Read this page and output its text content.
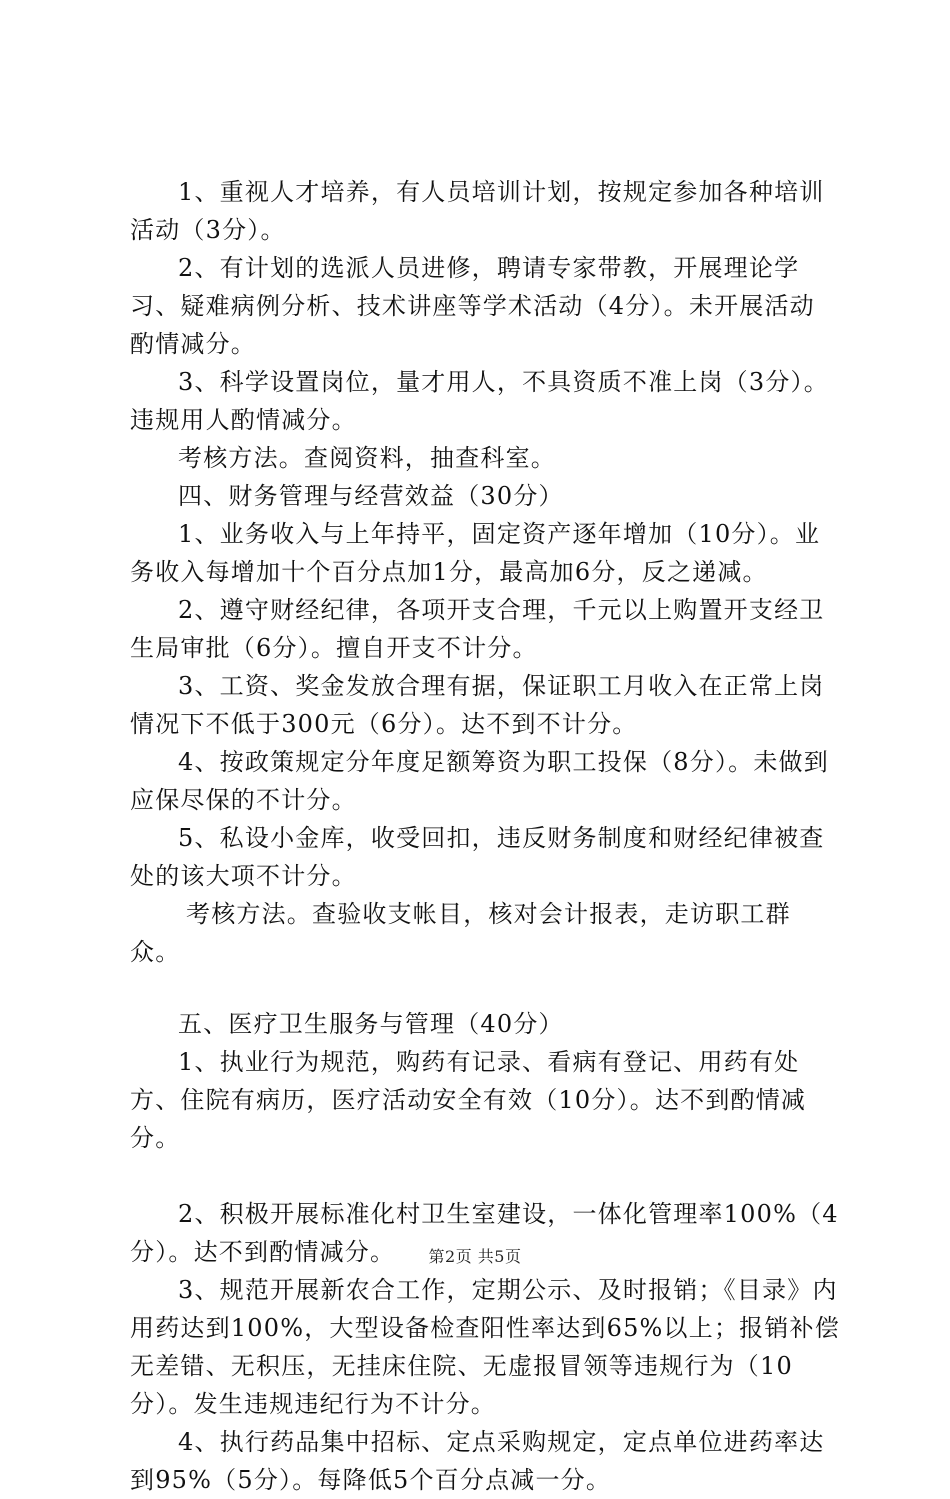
1、重视人才培养，有人员培训计划，按规定参加各种培训活动（3分）。

2、有计划的选派人员进修，聘请专家带教，开展理论学习、疑难病例分析、技术讲座等学术活动（4分）。未开展活动酌情减分。

3、科学设置岗位，量才用人，不具资质不准上岗（3分）。违规用人酌情减分。

考核方法。查阅资料，抽查科室。

四、财务管理与经营效益（30分）

1、业务收入与上年持平，固定资产逐年增加（10分）。业务收入每增加十个百分点加1分，最高加6分，反之递减。

2、遵守财经纪律，各项开支合理，千元以上购置开支经卫生局审批（6分）。擅自开支不计分。

3、工资、奖金发放合理有据，保证职工月收入在正常上岗情况下不低于300元（6分）。达不到不计分。

4、按政策规定分年度足额筹资为职工投保（8分）。未做到应保尽保的不计分。

5、私设小金库，收受回扣，违反财务制度和财经纪律被查处的该大项不计分。

考核方法。查验收支帐目，核对会计报表，走访职工群众。

五、医疗卫生服务与管理（40分）

1、执业行为规范，购药有记录、看病有登记、用药有处方、住院有病历，医疗活动安全有效（10分）。达不到酌情减分。

2、积极开展标准化村卫生室建设，一体化管理率100%（4分）。达不到酌情减分。

3、规范开展新农合工作，定期公示、及时报销；《目录》内用药达到100%，大型设备检查阳性率达到65%以上；报销补偿无差错、无积压，无挂床住院、无虚报冒领等违规行为（10分）。发生违规违纪行为不计分。

4、执行药品集中招标、定点采购规定，定点单位进药率达到95%（5分）。每降低5个百分点减一分。

第2页 共5页
